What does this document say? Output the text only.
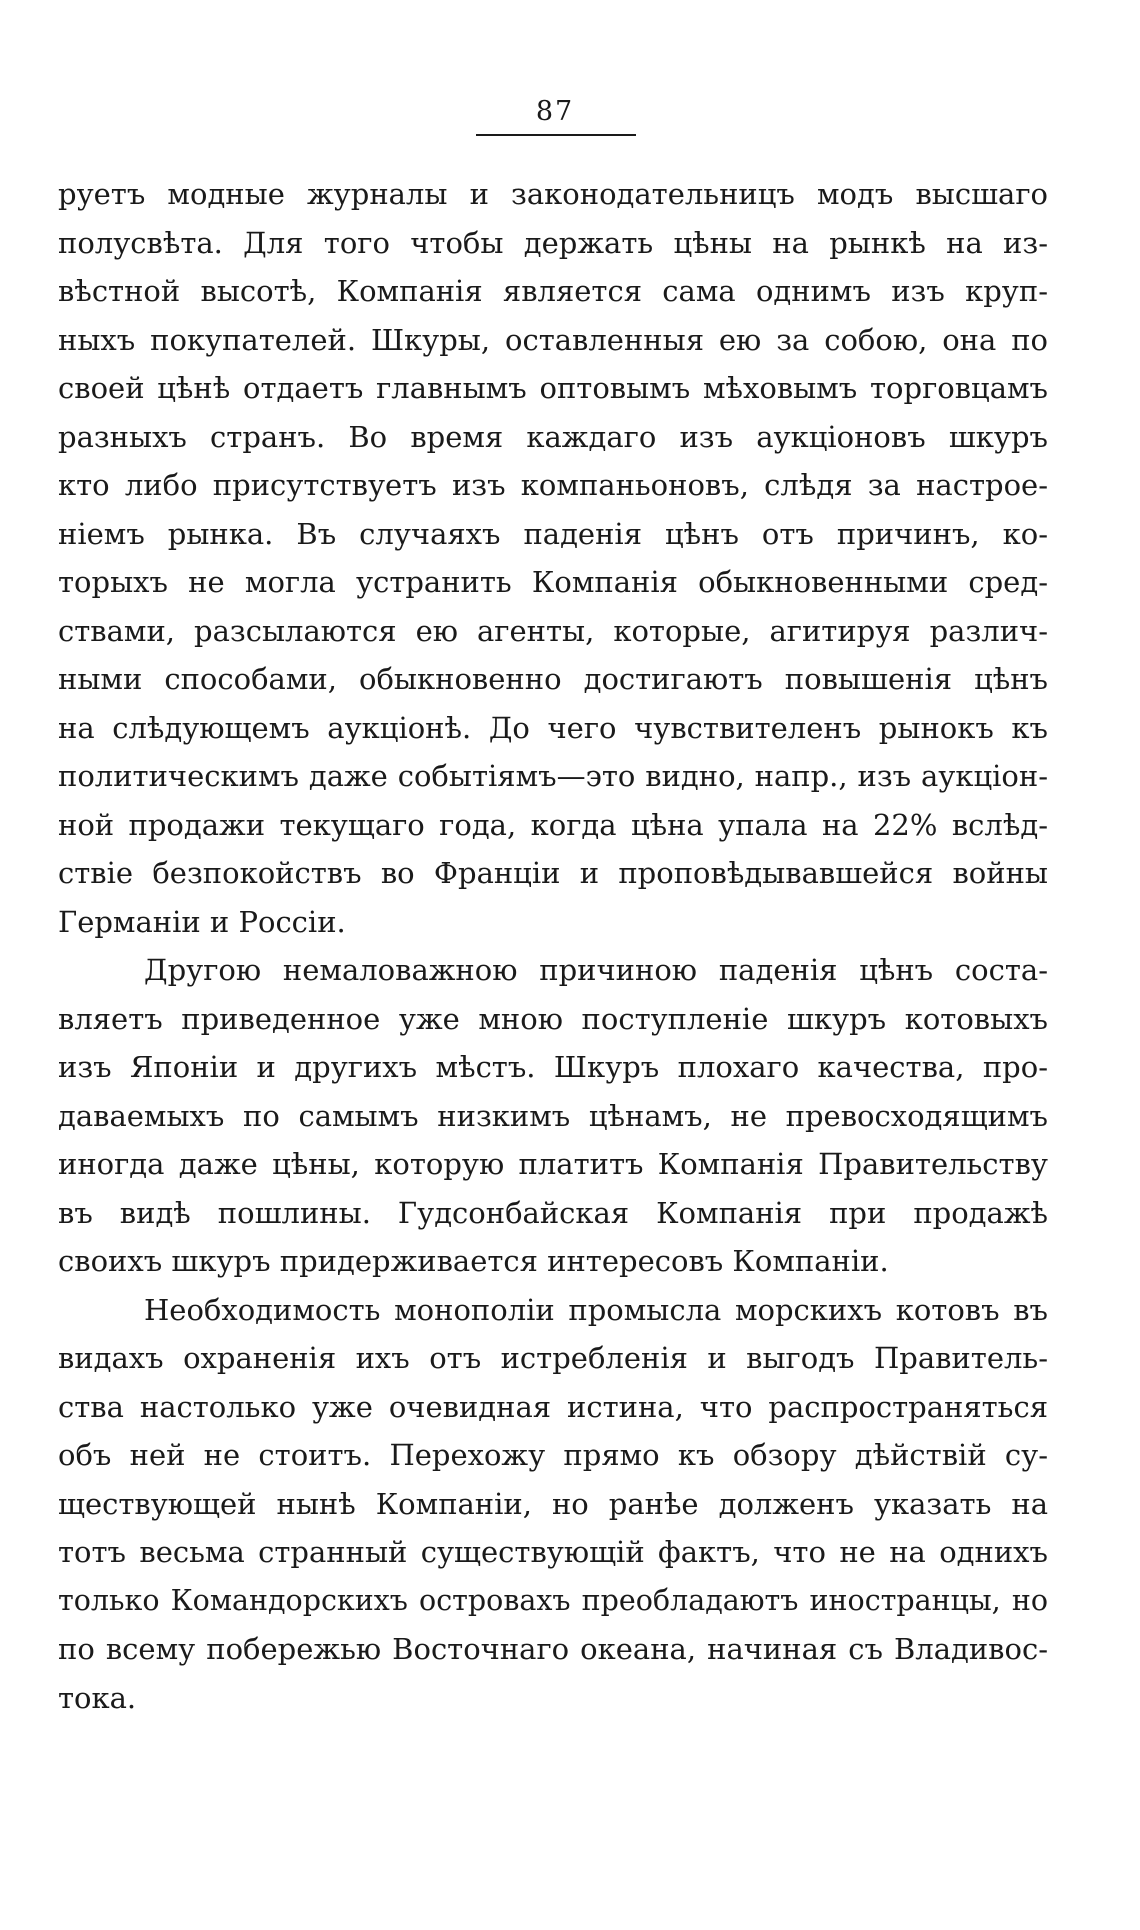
87
руетъ модные журналы и законодательницъ модъ высшаго
полусвѣта. Для того чтобы держать цѣны на рынкѣ на из-
вѣстной высотѣ, Компанія является сама однимъ изъ круп-
ныхъ покупателей. Шкуры, оставленныя ею за собою, она по
своей цѣнѣ отдаетъ главнымъ оптовымъ мѣховымъ торговцамъ
разныхъ странъ. Во время каждаго изъ аукціоновъ шкуръ
кто либо присутствуетъ изъ компаньоновъ, слѣдя за настрое-
ніемъ рынка. Въ случаяхъ паденія цѣнъ отъ причинъ, ко-
торыхъ не могла устранить Компанія обыкновенными сред-
ствами, разсылаются ею агенты, которые, агитируя различ-
ными способами, обыкновенно достигаютъ повышенія цѣнъ
на слѣдующемъ аукціонѣ. До чего чувствителенъ рынокъ къ
политическимъ даже событіямъ—это видно, напр., изъ аукціон-
ной продажи текущаго года, когда цѣна упала на 22% вслѣд-
ствіе безпокойствъ во Франціи и проповѣдывавшейся войны
Германіи и Россіи.
Другою немаловажною причиною паденія цѣнъ соста-
вляетъ приведенное уже мною поступленіе шкуръ котовыхъ
изъ Японіи и другихъ мѣстъ. Шкуръ плохаго качества, про-
даваемыхъ по самымъ низкимъ цѣнамъ, не превосходящимъ
иногда даже цѣны, которую платитъ Компанія Правительству
въ видѣ пошлины. Гудсонбайская Компанія при продажѣ
своихъ шкуръ придерживается интересовъ Компаніи.
Необходимость монополіи промысла морскихъ котовъ въ
видахъ охраненія ихъ отъ истребленія и выгодъ Правитель-
ства настолько уже очевидная истина, что распространяться
объ ней не стоитъ. Перехожу прямо къ обзору дѣйствій су-
ществующей нынѣ Компаніи, но ранѣе долженъ указать на
тотъ весьма странный существующій фактъ, что не на однихъ
только Командорскихъ островахъ преобладаютъ иностранцы, но
по всему побережью Восточнаго океана, начиная съ Владивос-
тока.
